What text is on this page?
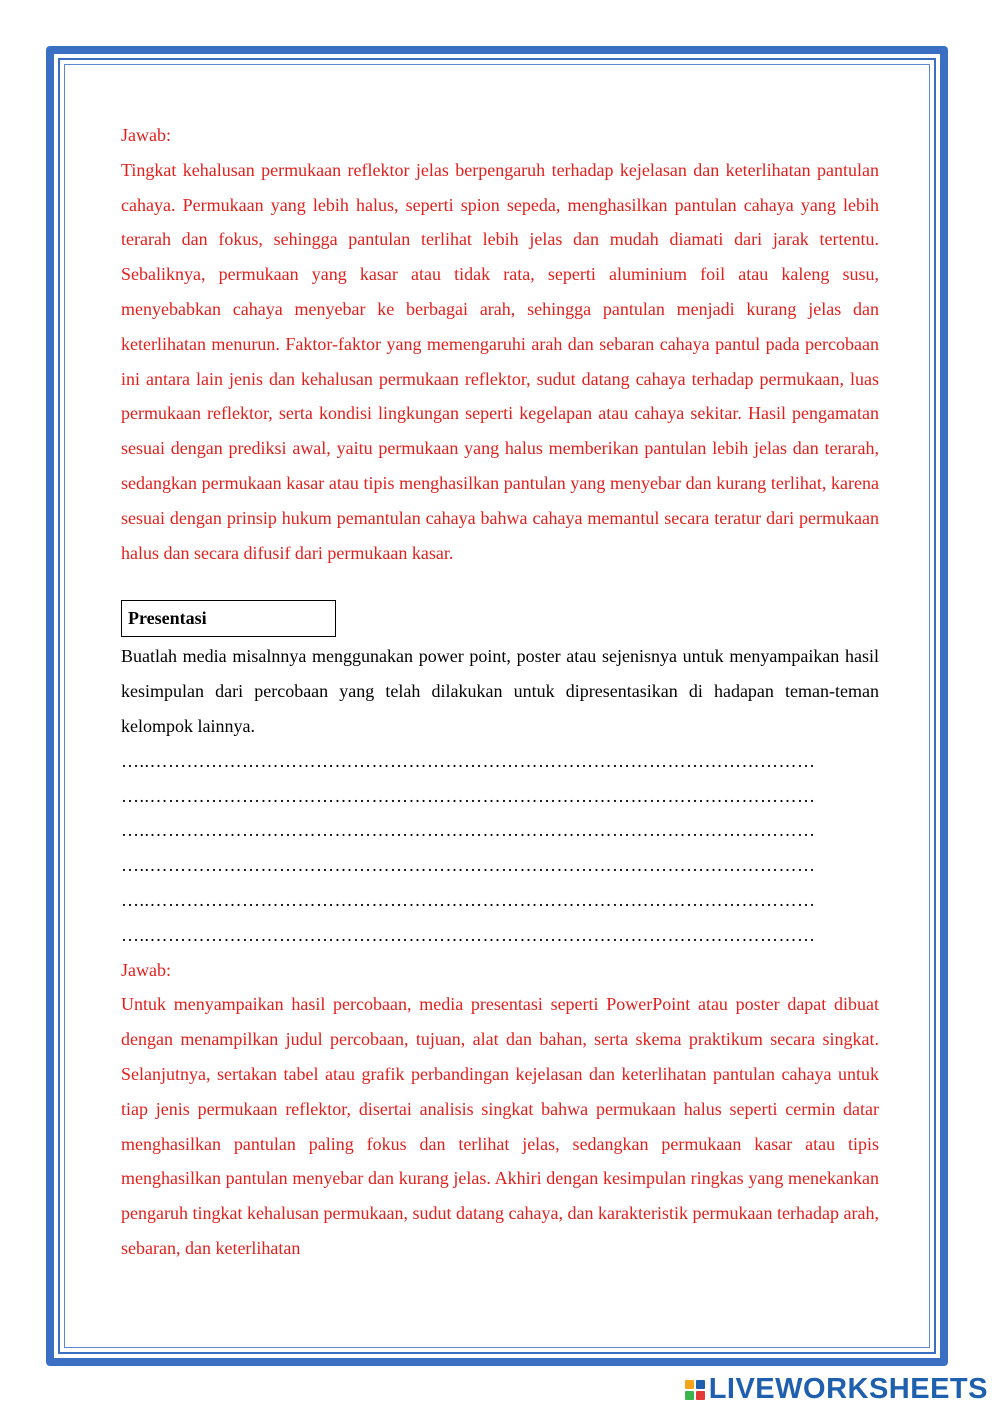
Jawab:

Tingkat kehalusan permukaan reflektor jelas berpengaruh terhadap kejelasan dan keterlihatan pantulan cahaya. Permukaan yang lebih halus, seperti spion sepeda, menghasilkan pantulan cahaya yang lebih terarah dan fokus, sehingga pantulan terlihat lebih jelas dan mudah diamati dari jarak tertentu. Sebaliknya, permukaan yang kasar atau tidak rata, seperti aluminium foil atau kaleng susu, menyebabkan cahaya menyebar ke berbagai arah, sehingga pantulan menjadi kurang jelas dan keterlihatan menurun. Faktor-faktor yang memengaruhi arah dan sebaran cahaya pantul pada percobaan ini antara lain jenis dan kehalusan permukaan reflektor, sudut datang cahaya terhadap permukaan, luas permukaan reflektor, serta kondisi lingkungan seperti kegelapan atau cahaya sekitar. Hasil pengamatan sesuai dengan prediksi awal, yaitu permukaan yang halus memberikan pantulan lebih jelas dan terarah, sedangkan permukaan kasar atau tipis menghasilkan pantulan yang menyebar dan kurang terlihat, karena sesuai dengan prinsip hukum pemantulan cahaya bahwa cahaya memantul secara teratur dari permukaan halus dan secara difusif dari permukaan kasar.

Presentasi

Buatlah media misalnnya menggunakan power point, poster atau sejenisnya untuk menyampaikan hasil kesimpulan dari percobaan yang telah dilakukan untuk dipresentasikan di hadapan teman-teman kelompok lainnya.

…..………………………………………………………………………………………………

…..………………………………………………………………………………………………

…..………………………………………………………………………………………………

…..………………………………………………………………………………………………

…..………………………………………………………………………………………………

…..………………………………………………………………………………………………

Jawab:

Untuk menyampaikan hasil percobaan, media presentasi seperti PowerPoint atau poster dapat dibuat dengan menampilkan judul percobaan, tujuan, alat dan bahan, serta skema praktikum secara singkat. Selanjutnya, sertakan tabel atau grafik perbandingan kejelasan dan keterlihatan pantulan cahaya untuk tiap jenis permukaan reflektor, disertai analisis singkat bahwa permukaan halus seperti cermin datar menghasilkan pantulan paling fokus dan terlihat jelas, sedangkan permukaan kasar atau tipis menghasilkan pantulan menyebar dan kurang jelas. Akhiri dengan kesimpulan ringkas yang menekankan pengaruh tingkat kehalusan permukaan, sudut datang cahaya, dan karakteristik permukaan terhadap arah, sebaran, dan keterlihatan

LIVEWORKSHEETS
